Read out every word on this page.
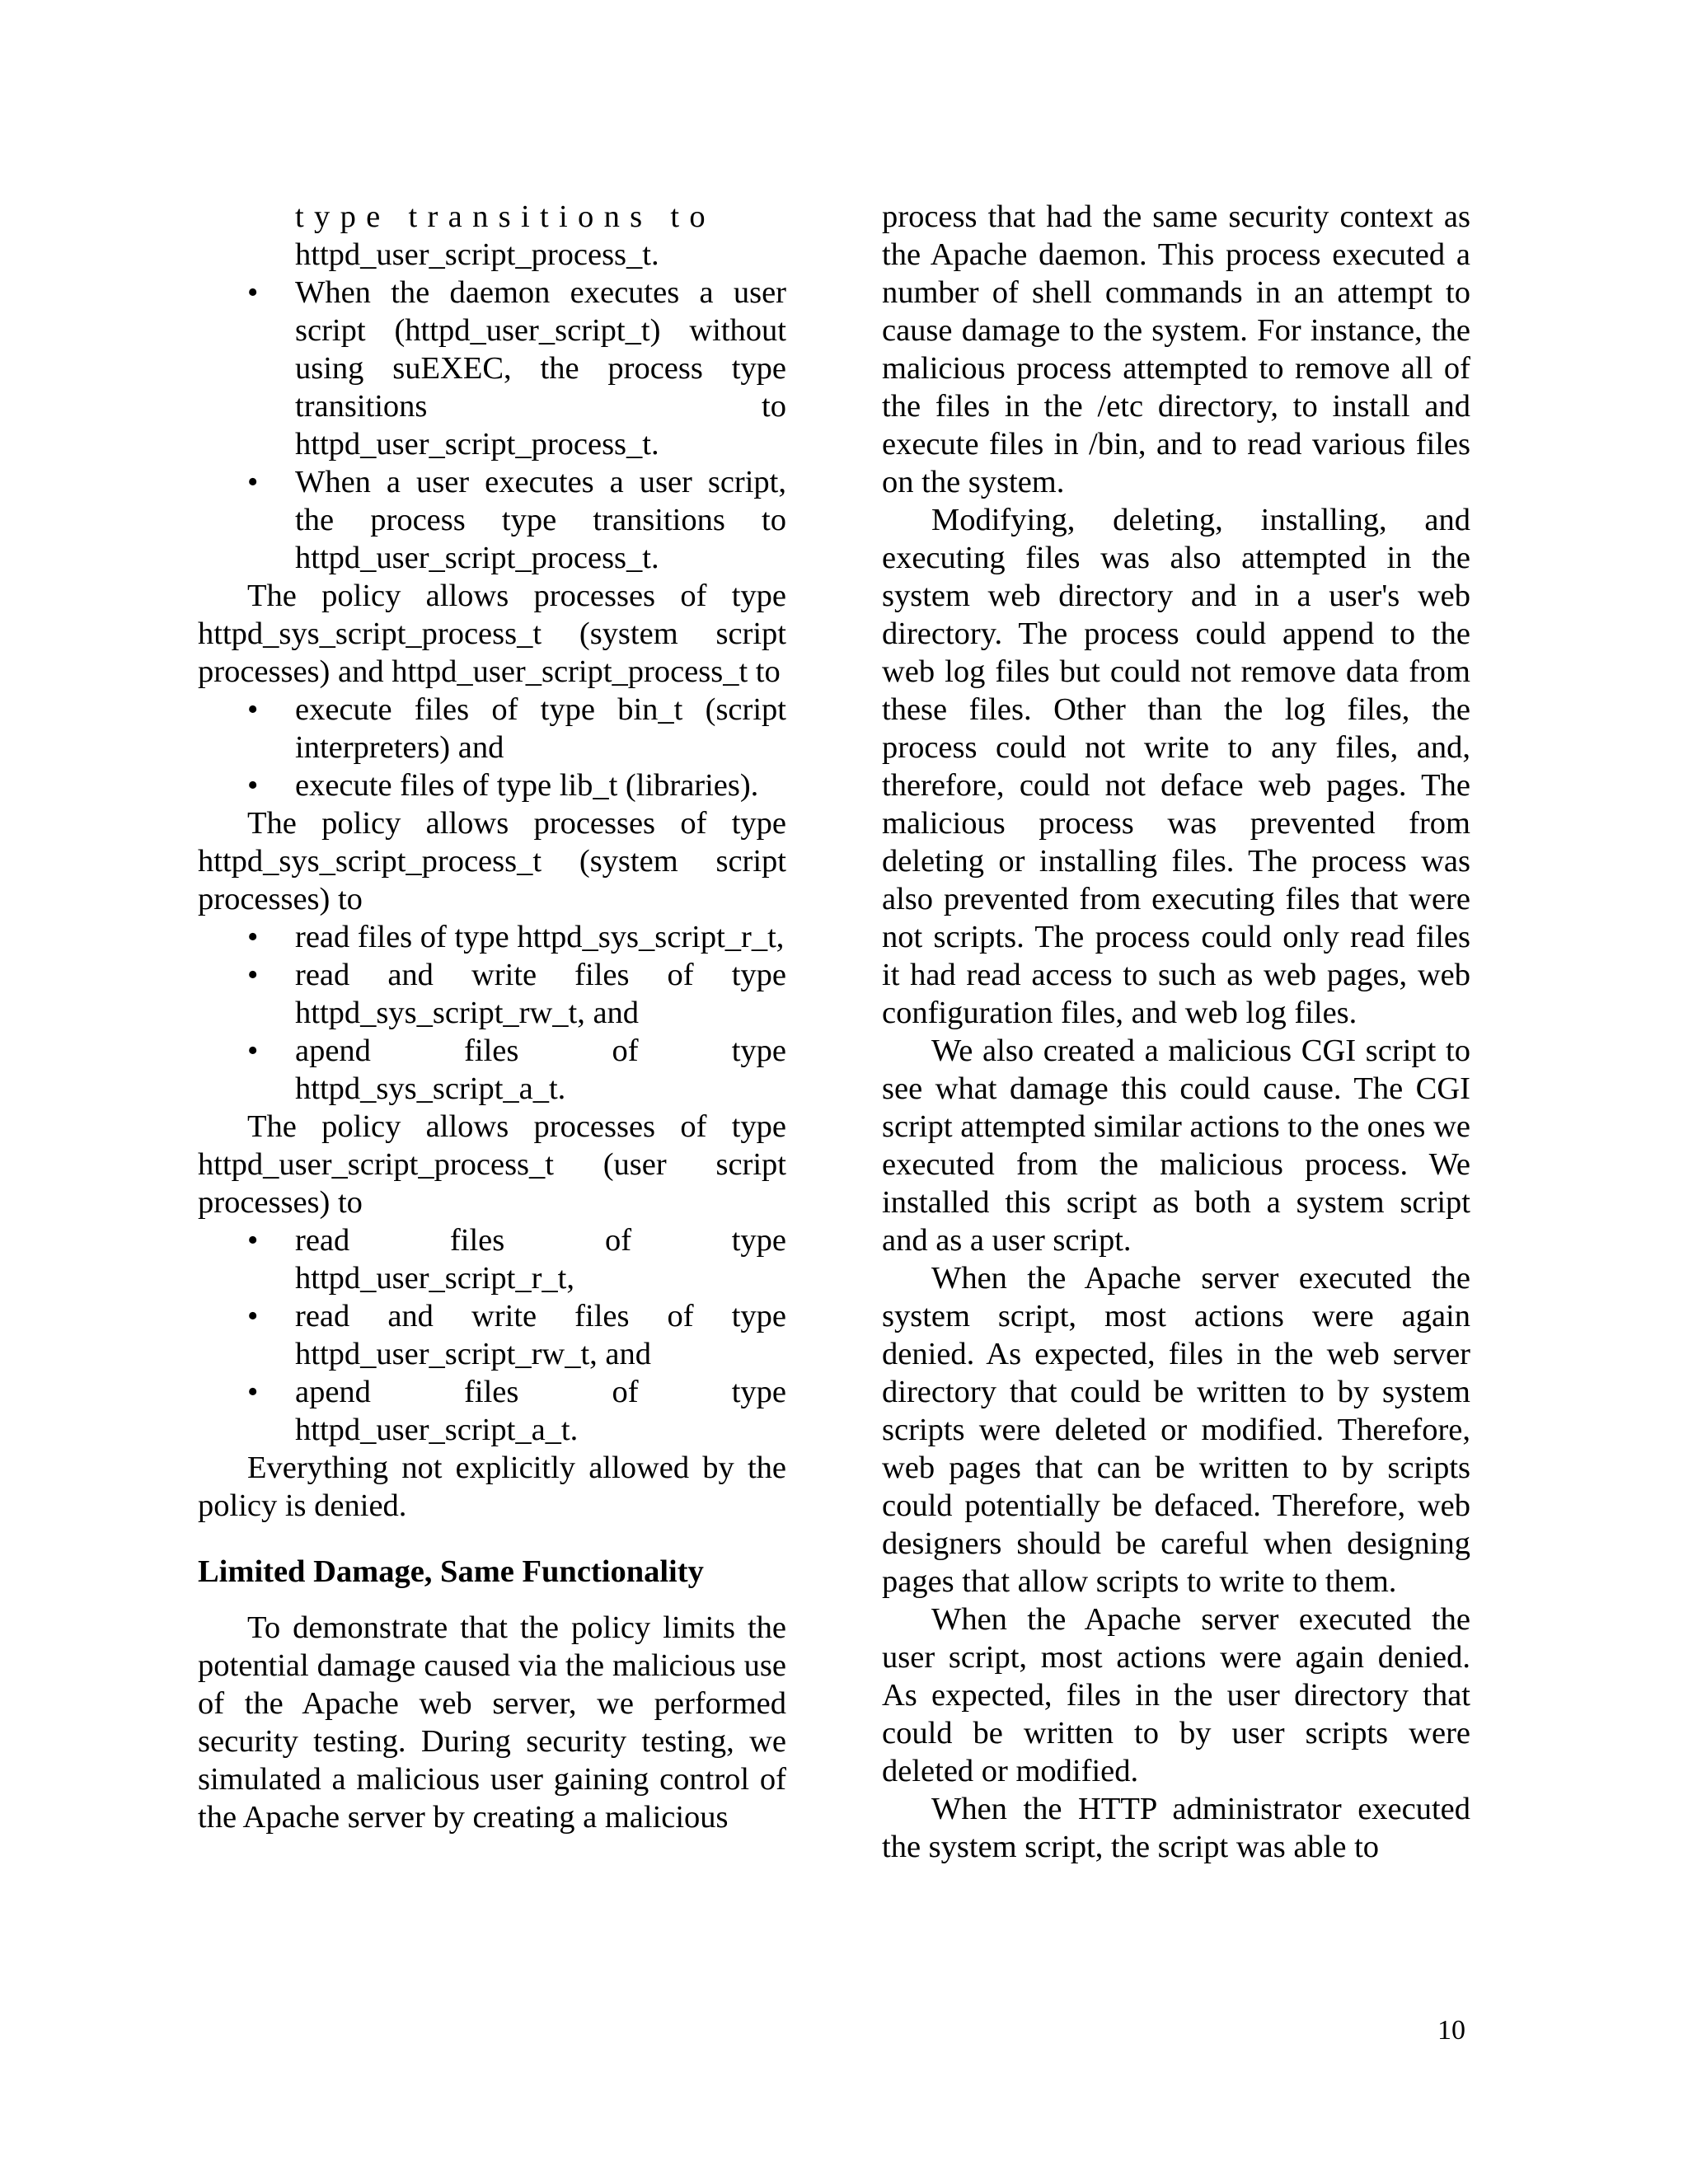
type transitions to

httpd_user_script_process_t.

• When the daemon executes a user script (httpd_user_script_t) without using suEXEC, the process type transitions to httpd_user_script_process_t.
• When a user executes a user script, the process type transitions to httpd_user_script_process_t.

The policy allows processes of type httpd_sys_script_process_t (system script processes) and httpd_user_script_process_t to

• execute files of type bin_t (script interpreters) and
• execute files of type lib_t (libraries).

The policy allows processes of type httpd_sys_script_process_t (system script processes) to

• read files of type httpd_sys_script_r_t,
• read and write files of type httpd_sys_script_rw_t, and
• apend files of type httpd_sys_script_a_t.

The policy allows processes of type httpd_user_script_process_t (user script processes) to

• read files of type httpd_user_script_r_t,
• read and write files of type httpd_user_script_rw_t, and
• apend files of type httpd_user_script_a_t.

Everything not explicitly allowed by the policy is denied.

Limited Damage, Same Functionality

To demonstrate that the policy limits the potential damage caused via the malicious use of the Apache web server, we performed security testing. During security testing, we simulated a malicious user gaining control of the Apache server by creating a malicious

process that had the same security context as the Apache daemon. This process executed a number of shell commands in an attempt to cause damage to the system. For instance, the malicious process attempted to remove all of the files in the /etc directory, to install and execute files in /bin, and to read various files on the system.

Modifying, deleting, installing, and executing files was also attempted in the system web directory and in a user's web directory. The process could append to the web log files but could not remove data from these files. Other than the log files, the process could not write to any files, and, therefore, could not deface web pages. The malicious process was prevented from deleting or installing files. The process was also prevented from executing files that were not scripts. The process could only read files it had read access to such as web pages, web configuration files, and web log files.

We also created a malicious CGI script to see what damage this could cause. The CGI script attempted similar actions to the ones we executed from the malicious process. We installed this script as both a system script and as a user script.

When the Apache server executed the system script, most actions were again denied. As expected, files in the web server directory that could be written to by system scripts were deleted or modified. Therefore, web pages that can be written to by scripts could potentially be defaced. Therefore, web designers should be careful when designing pages that allow scripts to write to them.

When the Apache server executed the user script, most actions were again denied. As expected, files in the user directory that could be written to by user scripts were deleted or modified.

When the HTTP administrator executed the system script, the script was able to

10
